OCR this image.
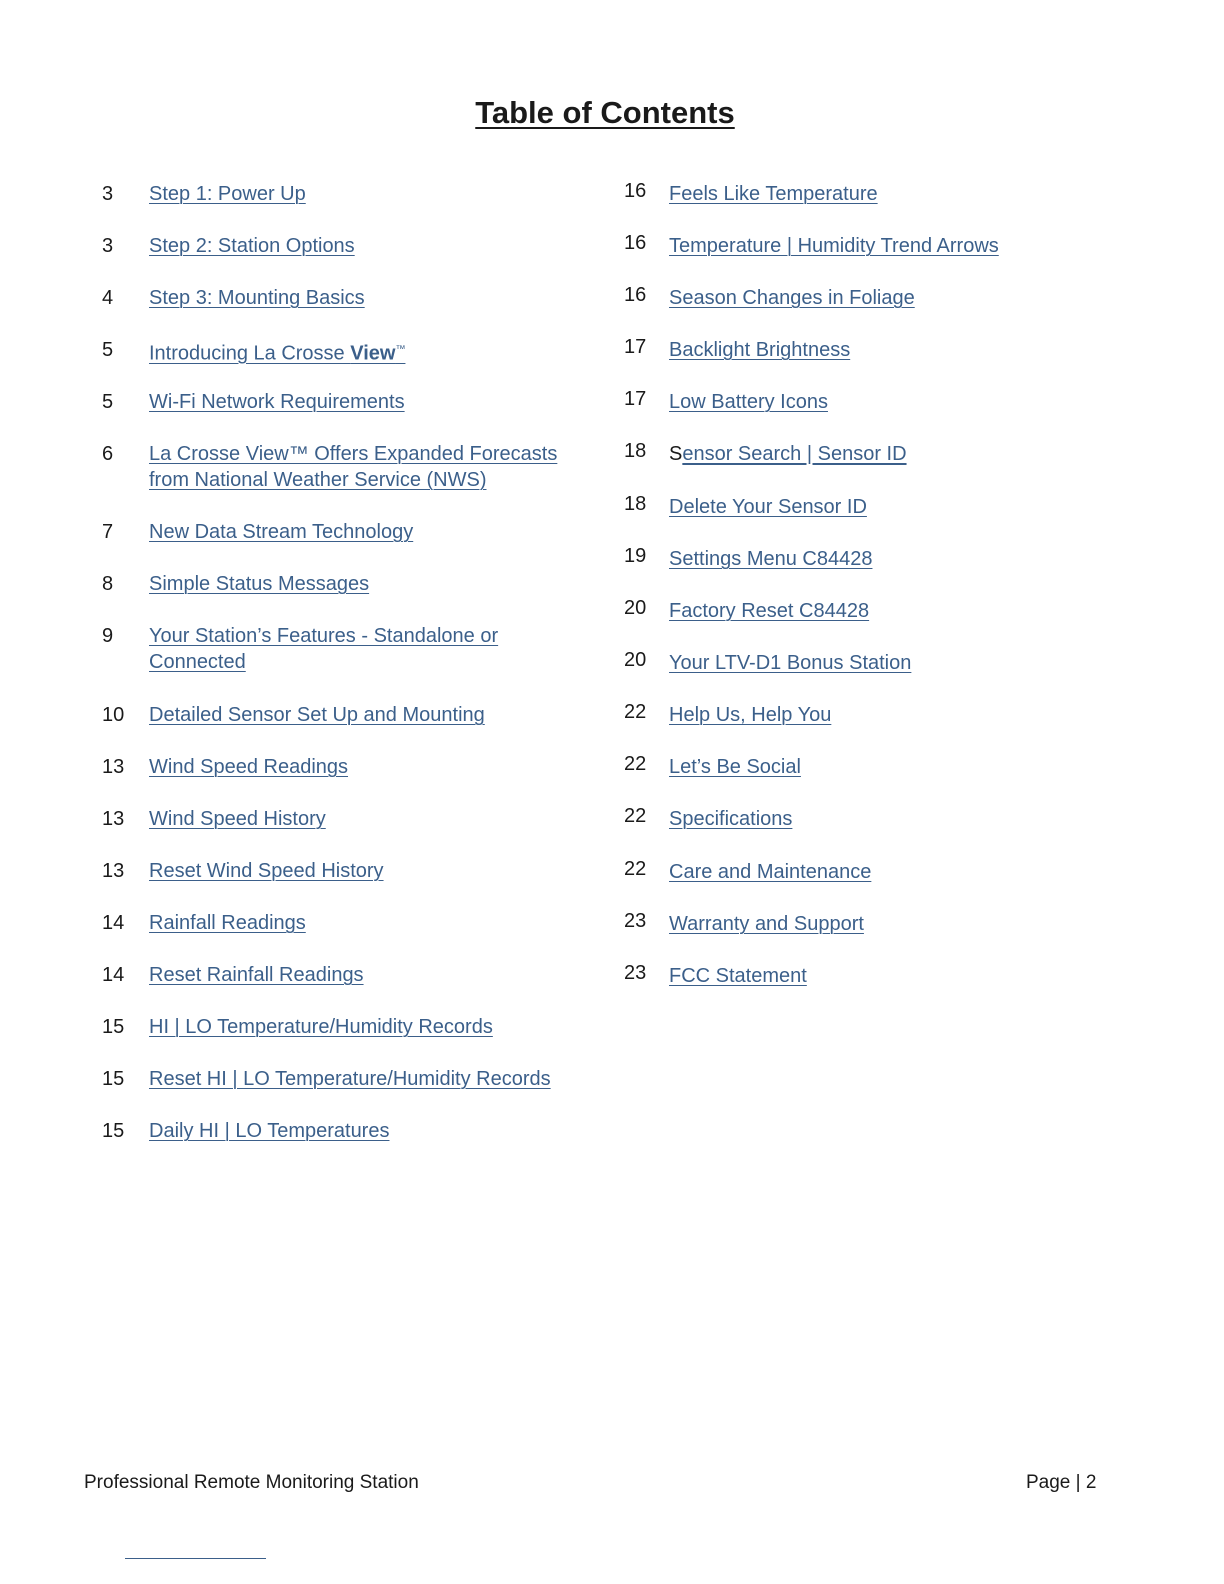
Table of Contents
3 Step 1: Power Up
3 Step 2: Station Options
4 Step 3: Mounting Basics
5 Introducing La Crosse View™
5 Wi-Fi Network Requirements
6 La Crosse View™ Offers Expanded Forecasts
from National Weather Service (NWS)
7 New Data Stream Technology
8 Simple Status Messages
9 Your Station’s Features - Standalone or
Connected
10 Detailed Sensor Set Up and Mounting
13 Wind Speed Readings
13 Wind Speed History
13 Reset Wind Speed History
14 Rainfall Readings
14 Reset Rainfall Readings
15 HI | LO Temperature/Humidity Records
15 Reset HI | LO Temperature/Humidity Records
15 Daily HI | LO Temperatures
16 Feels Like Temperature
16 Temperature | Humidity Trend Arrows
16 Season Changes in Foliage
17 Backlight Brightness
17 Low Battery Icons
18 Sensor Search | Sensor ID
18 Delete Your Sensor ID
19 Settings Menu C84428
20 Factory Reset C84428
20 Your LTV-D1 Bonus Station
22 Help Us, Help You
22 Let’s Be Social
22 Specifications
22 Care and Maintenance
23 Warranty and Support
23 FCC Statement
Professional Remote Monitoring Station	Page | 2
